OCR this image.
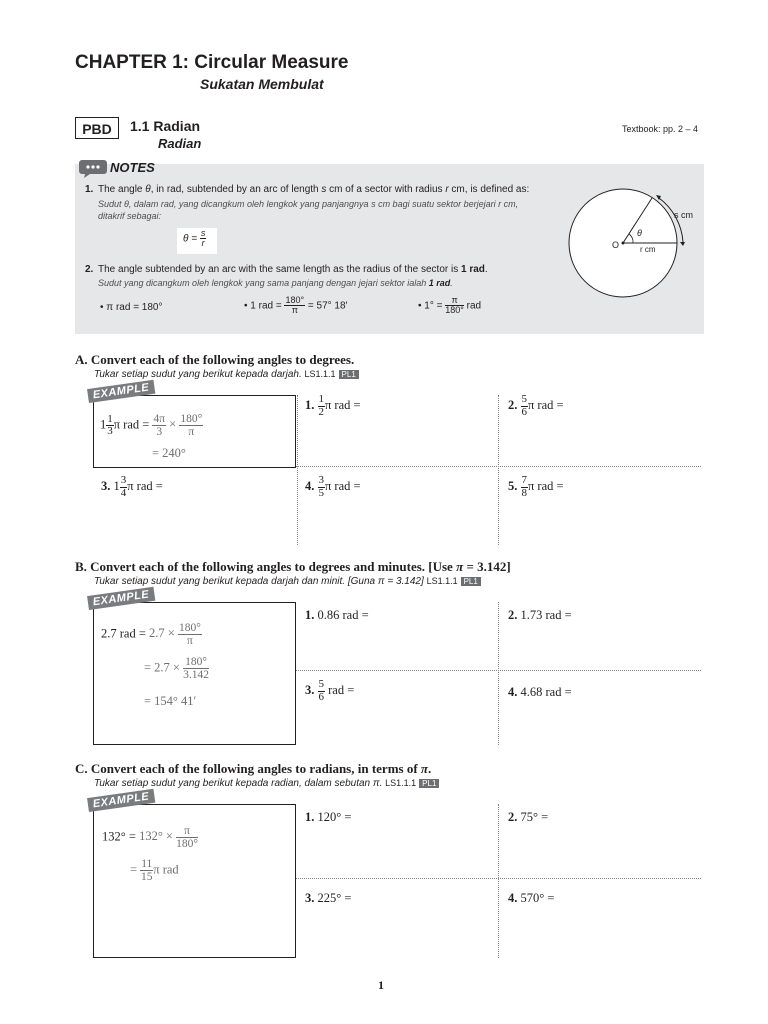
CHAPTER 1: Circular Measure
Sukatan Membulat
PBD	1.1 Radian
Radian
Textbook: pp. 2 – 4
NOTES
1. The angle θ, in rad, subtended by an arc of length s cm of a sector with radius r cm, is defined as:
Sudut θ, dalam rad, yang dicangkum oleh lengkok yang panjangnya s cm bagi suatu sektor berjejari r cm,
ditakrif sebagai:
$\theta = \frac{s}{r}$
2. The angle subtended by an arc with the same length as the radius of the sector is 1 rad.
Sudut yang dicangkum oleh lengkok yang sama panjang dengan jejari sektor ialah 1 rad.
• π rad = 180°	• 1 rad = $\frac{180^\circ}{\pi} = 57^\circ$ 18′	• $1^\circ = \frac{\pi}{180^\circ}$ rad
s cm
θ
O	r cm
A. Convert each of the following angles to degrees.
Tukar setiap sudut yang berikut kepada darjah. LS1.1.1 PL1
EXAMPLE
$1 \frac{1}{3}$ π rad = $\frac{4\pi}{3} \times \frac{180^\circ}{\pi}$
= 240°
1. $\frac{1}{2}$ π rad =	2. $\frac{5}{6}$ π rad =
3. $1 \frac{3}{4}$ π rad =	4. $\frac{3}{5}$ π rad =	5. $\frac{7}{8}$ π rad =
B. Convert each of the following angles to degrees and minutes. [Use π = 3.142]
Tukar setiap sudut yang berikut kepada darjah dan minit. [Guna π = 3.142] LS1.1.1 PL1
EXAMPLE
2.7 rad = $2.7 \times \frac{180^\circ}{\pi}$
= $2.7 \times \frac{180^\circ}{3.142}$
= 154° 41′
1. 0.86 rad =	2. 1.73 rad =
3. $\frac{5}{6}$ rad =	4. 4.68 rad =
C. Convert each of the following angles to radians, in terms of π.
Tukar setiap sudut yang berikut kepada radian, dalam sebutan π. LS1.1.1 PL1
EXAMPLE
$132^\circ = 132^\circ \times \frac{\pi}{180^\circ}$
= $\frac{11}{15}$ π rad
1. 120° =	2. 75° =
3. 225° =	4. 570° =
1
